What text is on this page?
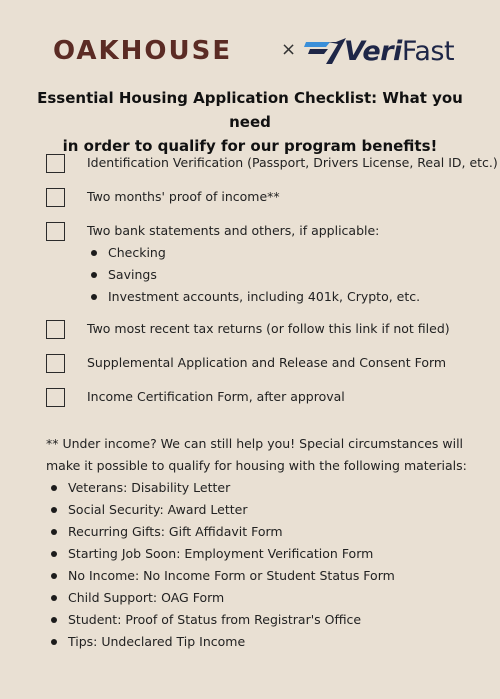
OAKHOUSE	× VeriFast
Essential Housing Application Checklist: What you need
in order to qualify for our program benefits!
Identification Verification (Passport, Drivers License, Real ID, etc.)
Two months' proof of income**
Two bank statements and others, if applicable:
Checking
Savings
Investment accounts, including 401k, Crypto, etc.
Two most recent tax returns (or follow this link if not filed)
Supplemental Application and Release and Consent Form
Income Certification Form, after approval
** Under income? We can still help you! Special circumstances will
make it possible to qualify for housing with the following materials:
Veterans: Disability Letter
Social Security: Award Letter
Recurring Gifts: Gift Affidavit Form
Starting Job Soon: Employment Verification Form
No Income: No Income Form or Student Status Form
Child Support: OAG Form
Student: Proof of Status from Registrar's Office
Tips: Undeclared Tip Income
